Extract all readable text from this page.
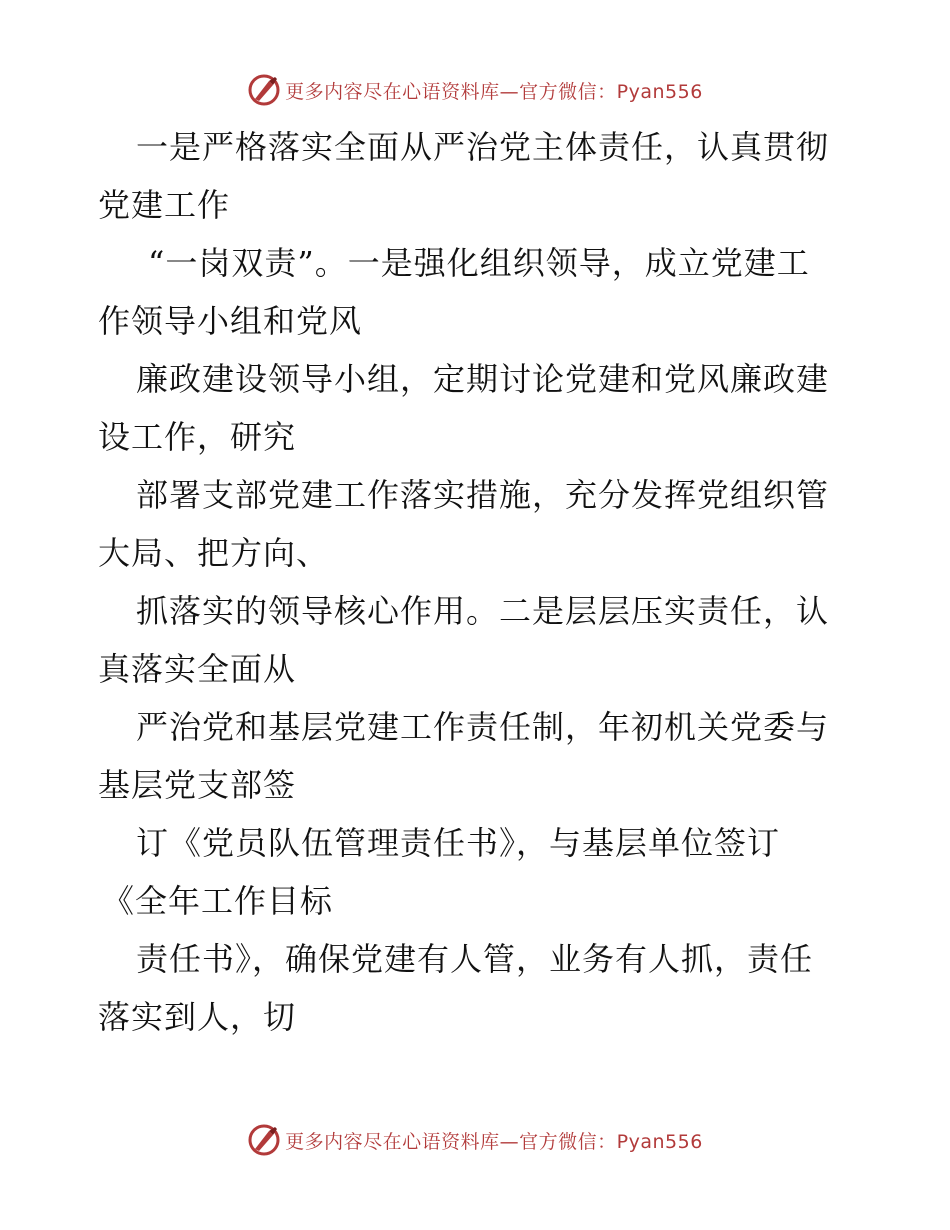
更多内容尽在心语资料库—官方微信：Pyan556
一是严格落实全面从严治党主体责任，认真贯彻
党建工作
“一岗双责”。一是强化组织领导，成立党建工
作领导小组和党风
廉政建设领导小组，定期讨论党建和党风廉政建
设工作，研究
部署支部党建工作落实措施，充分发挥党组织管
大局、把方向、
抓落实的领导核心作用。二是层层压实责任，认
真落实全面从
严治党和基层党建工作责任制，年初机关党委与
基层党支部签
订《党员队伍管理责任书》，与基层单位签订
《全年工作目标
责任书》，确保党建有人管，业务有人抓，责任
落实到人，切
更多内容尽在心语资料库—官方微信：Pyan556
